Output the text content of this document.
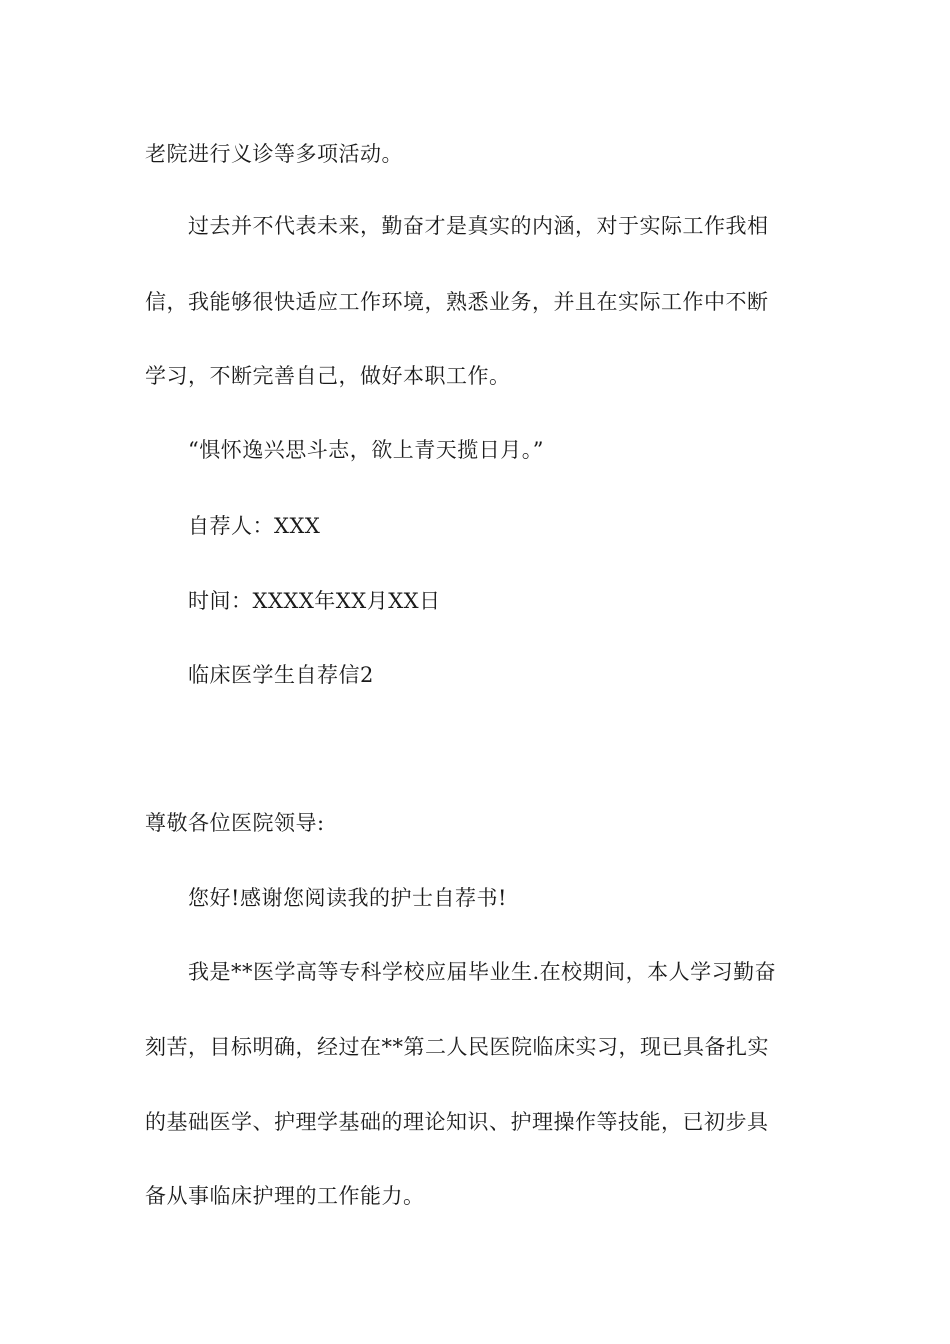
老院进行义诊等多项活动。
过去并不代表未来，勤奋才是真实的内涵，对于实际工作我相
信，我能够很快适应工作环境，熟悉业务，并且在实际工作中不断
学习，不断完善自己，做好本职工作。
“惧怀逸兴思斗志，欲上青天揽日月。”
自荐人：XXX
时间：XXXX年XX月XX日
临床医学生自荐信2
尊敬各位医院领导:
您好!感谢您阅读我的护士自荐书!
我是**医学高等专科学校应届毕业生.在校期间，本人学习勤奋
刻苦，目标明确，经过在**第二人民医院临床实习，现已具备扎实
的基础医学、护理学基础的理论知识、护理操作等技能，已初步具
备从事临床护理的工作能力。
